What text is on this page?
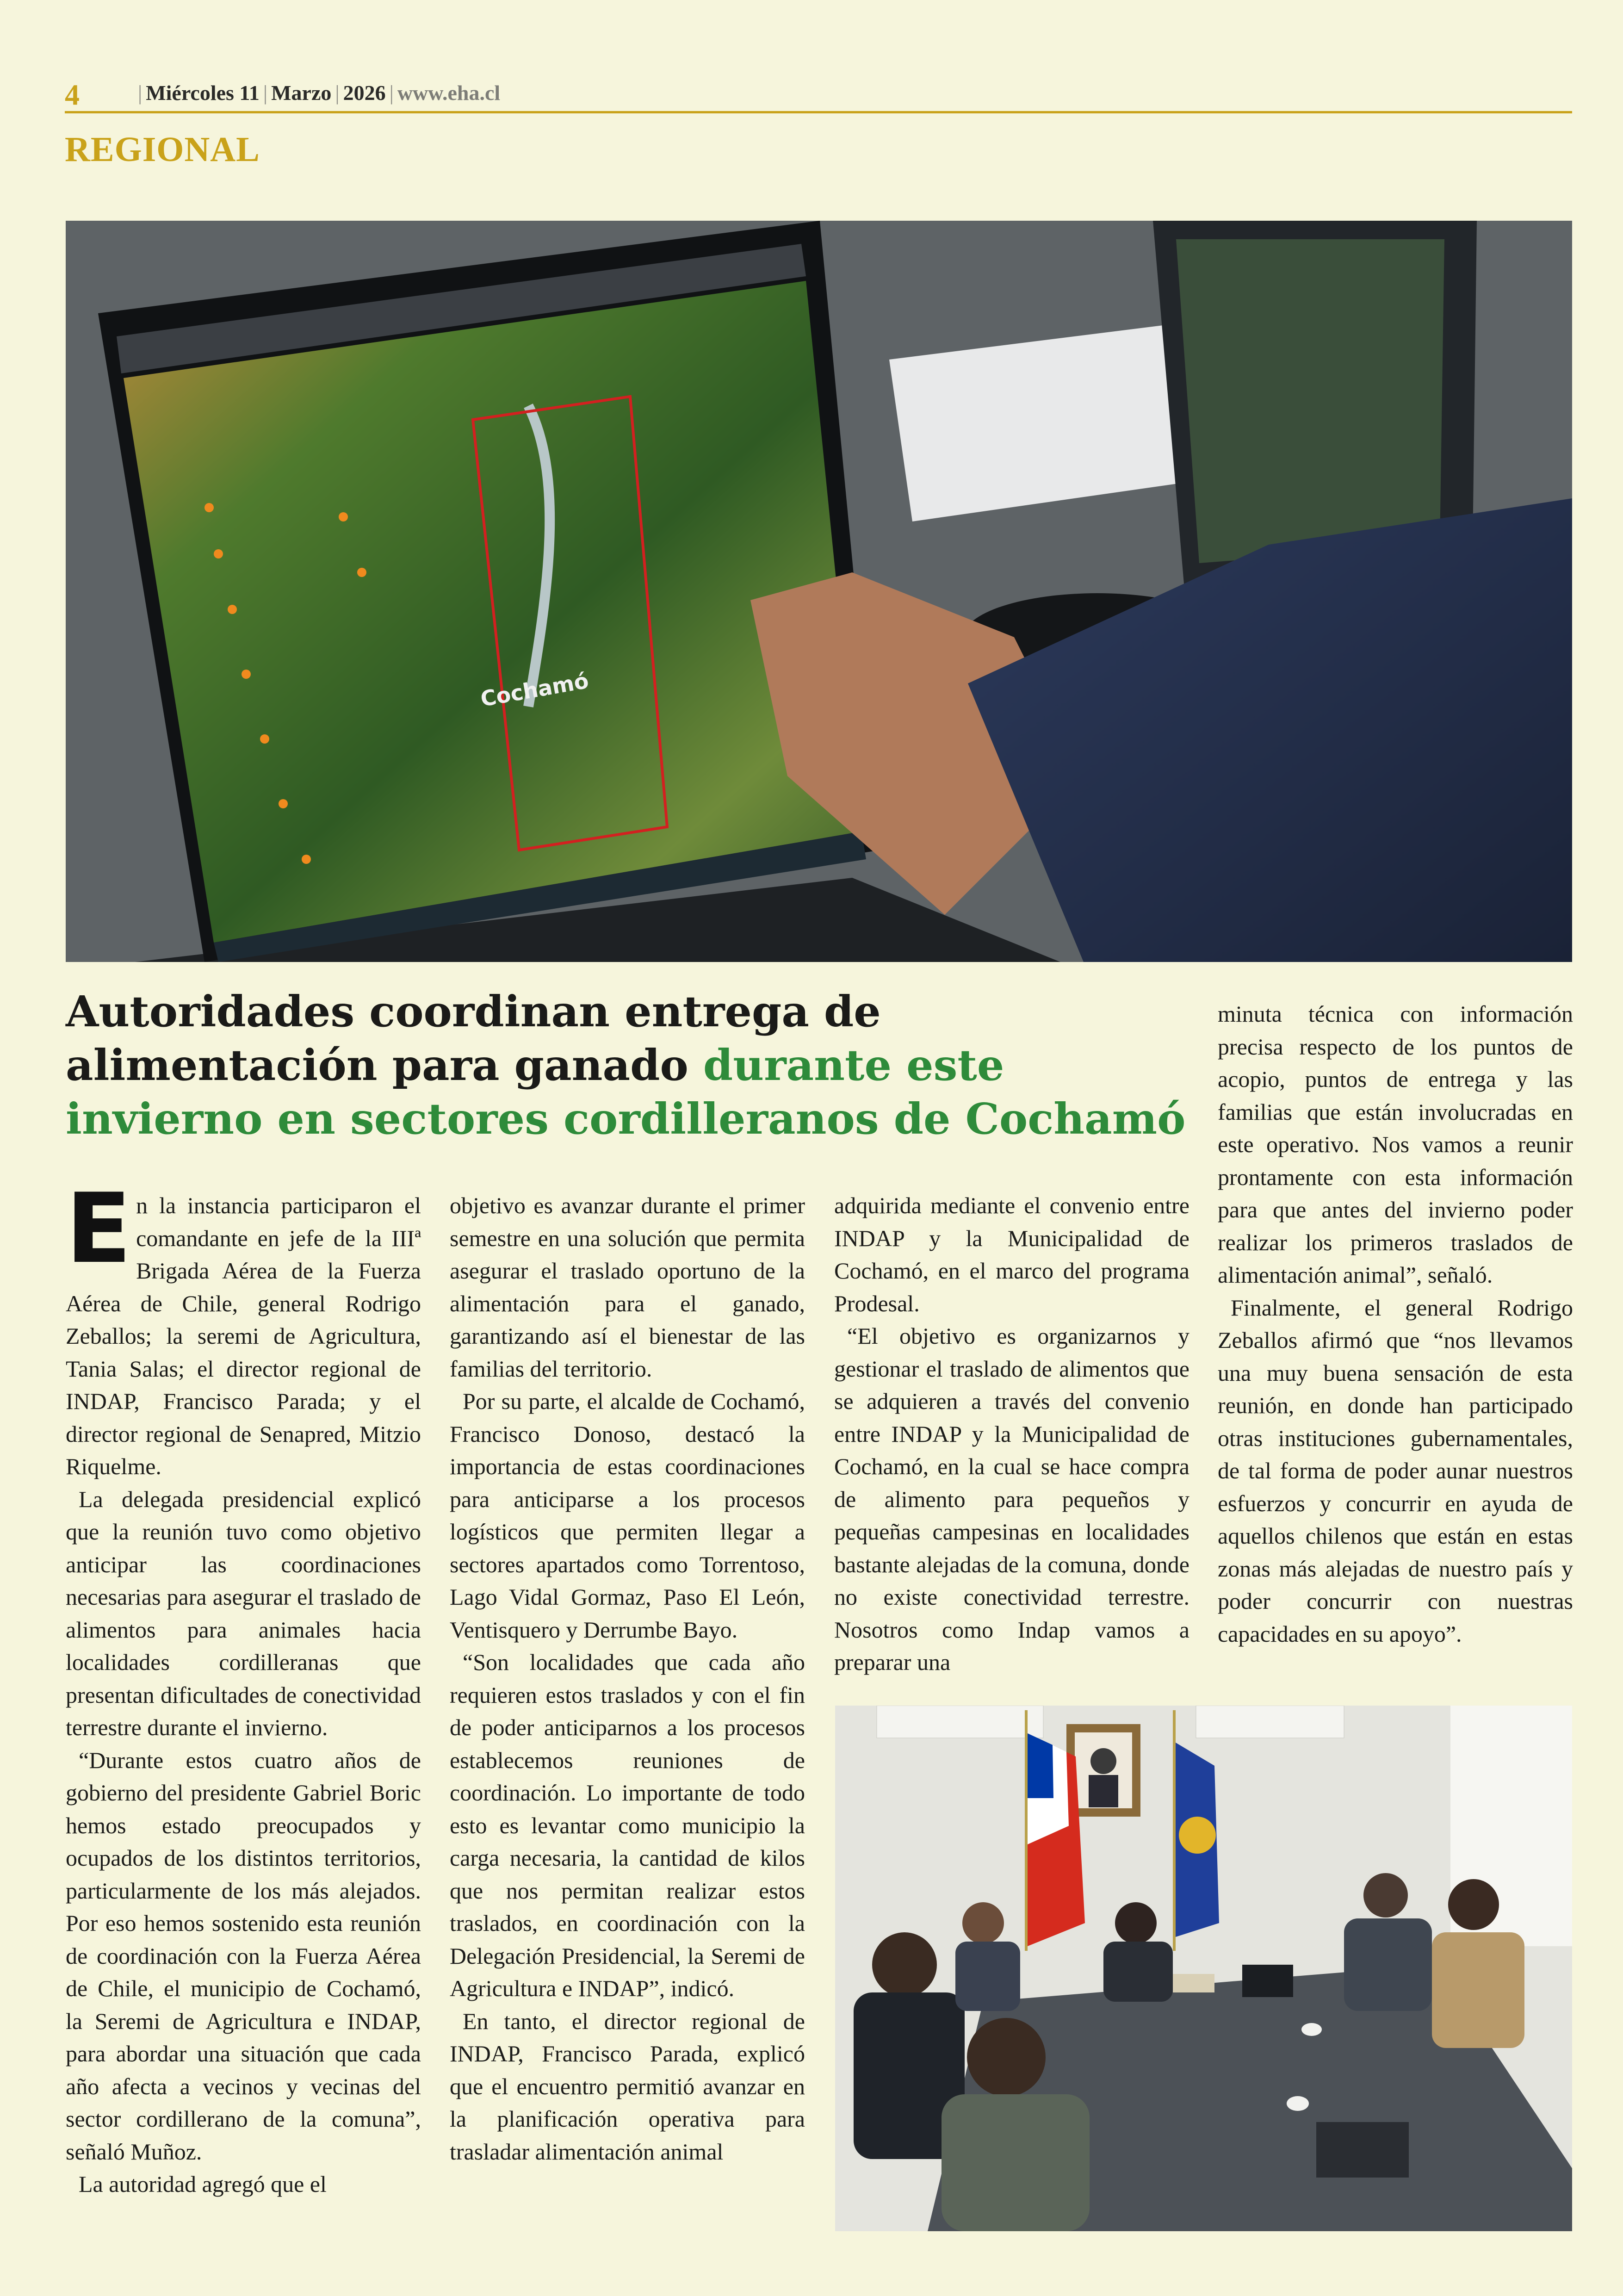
4	| Miércoles 11 | Marzo | 2026 | www.eha.cl
REGIONAL
Cochamó
Autoridades coordinan entrega de alimentación para ganado durante este invierno en sectores cordilleranos de Cochamó

En la instancia participaron el comandante en jefe de la IIIª Brigada Aérea de la Fuerza Aérea de Chile, general Rodrigo Zeballos; la seremi de Agricultura, Tania Salas; el director regional de INDAP, Francisco Parada; y el director regional de Senapred, Mitzio Riquelme.

La delegada presidencial explicó que la reunión tuvo como objetivo anticipar las coordinaciones necesarias para asegurar el traslado de alimentos para animales hacia localidades cordilleranas que presentan dificultades de conectividad terrestre durante el invierno.

“Durante estos cuatro años de gobierno del presidente Gabriel Boric hemos estado preocupados y ocupados de los distintos territorios, particularmente de los más alejados. Por eso hemos sostenido esta reunión de coordinación con la Fuerza Aérea de Chile, el municipio de Cochamó, la Seremi de Agricultura e INDAP, para abordar una situación que cada año afecta a vecinos y vecinas del sector cordillerano de la comuna”, señaló Muñoz.

La autoridad agregó que el

objetivo es avanzar durante el primer semestre en una solución que permita asegurar el traslado oportuno de la alimentación para el ganado, garantizando así el bienestar de las familias del territorio.

Por su parte, el alcalde de Cochamó, Francisco Donoso, destacó la importancia de estas coordinaciones para anticiparse a los procesos logísticos que permiten llegar a sectores apartados como Torrentoso, Lago Vidal Gormaz, Paso El León, Ventisquero y Derrumbe Bayo.

“Son localidades que cada año requieren estos traslados y con el fin de poder anticiparnos a los procesos establecemos reuniones de coordinación. Lo importante de todo esto es levantar como municipio la carga necesaria, la cantidad de kilos que nos permitan realizar estos traslados, en coordinación con la Delegación Presidencial, la Seremi de Agricultura e INDAP”, indicó.

En tanto, el director regional de INDAP, Francisco Parada, explicó que el encuentro permitió avanzar en la planificación operativa para trasladar alimentación animal

adquirida mediante el convenio entre INDAP y la Municipalidad de Cochamó, en el marco del programa Prodesal.

“El objetivo es organizarnos y gestionar el traslado de alimentos que se adquieren a través del convenio entre INDAP y la Municipalidad de Cochamó, en la cual se hace compra de alimento para pequeños y pequeñas campesinas en localidades bastante alejadas de la comuna, donde no existe conectividad terrestre. Nosotros como Indap vamos a preparar una

minuta técnica con información precisa respecto de los puntos de acopio, puntos de entrega y las familias que están involucradas en este operativo. Nos vamos a reunir prontamente con esta información para que antes del invierno poder realizar los primeros traslados de alimentación animal”, señaló.

Finalmente, el general Rodrigo Zeballos afirmó que “nos llevamos una muy buena sensación de esta reunión, en donde han participado otras instituciones gubernamentales, de tal forma de poder aunar nuestros esfuerzos y concurrir en ayuda de aquellos chilenos que están en estas zonas más alejadas de nuestro país y poder concurrir con nuestras capacidades en su apoyo”.
